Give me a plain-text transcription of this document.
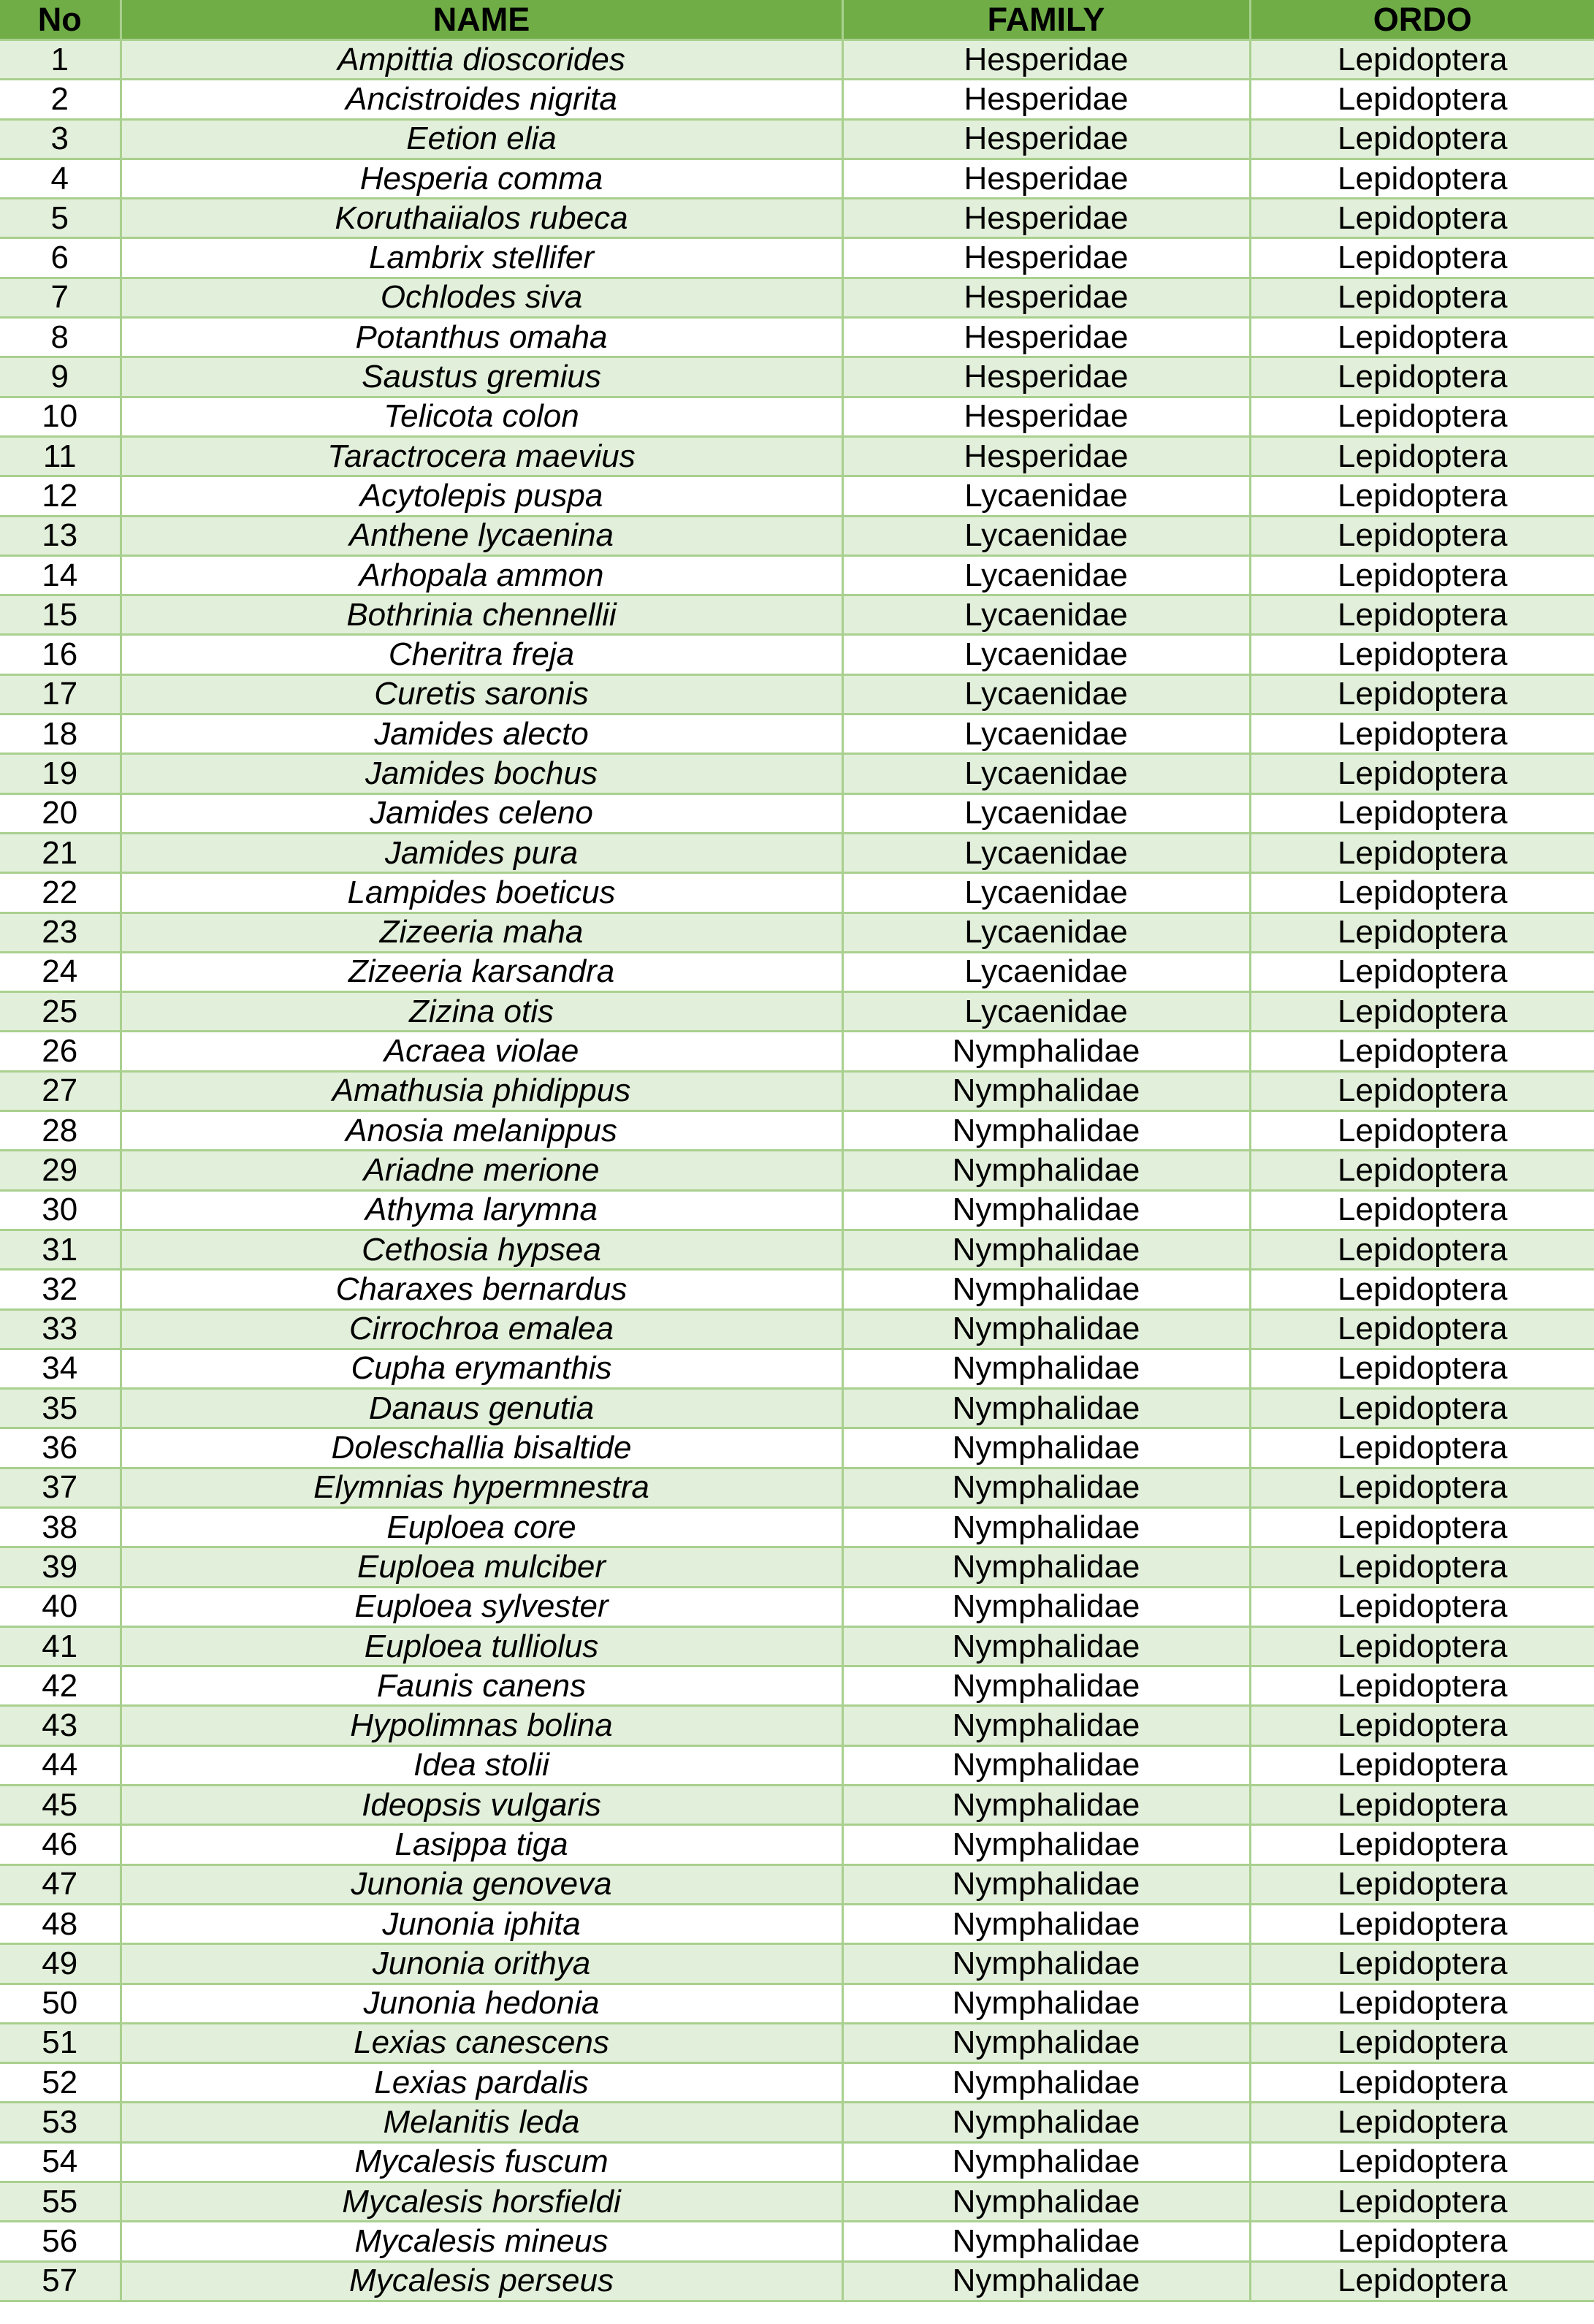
No	NAME	FAMILY	ORDO
1	Ampittia dioscorides	Hesperidae	Lepidoptera
2	Ancistroides nigrita	Hesperidae	Lepidoptera
3	Eetion elia	Hesperidae	Lepidoptera
4	Hesperia comma	Hesperidae	Lepidoptera
5	Koruthaiialos rubeca	Hesperidae	Lepidoptera
6	Lambrix stellifer	Hesperidae	Lepidoptera
7	Ochlodes siva	Hesperidae	Lepidoptera
8	Potanthus omaha	Hesperidae	Lepidoptera
9	Saustus gremius	Hesperidae	Lepidoptera
10	Telicota colon	Hesperidae	Lepidoptera
11	Taractrocera maevius	Hesperidae	Lepidoptera
12	Acytolepis puspa	Lycaenidae	Lepidoptera
13	Anthene lycaenina	Lycaenidae	Lepidoptera
14	Arhopala ammon	Lycaenidae	Lepidoptera
15	Bothrinia chennellii	Lycaenidae	Lepidoptera
16	Cheritra freja	Lycaenidae	Lepidoptera
17	Curetis saronis	Lycaenidae	Lepidoptera
18	Jamides alecto	Lycaenidae	Lepidoptera
19	Jamides bochus	Lycaenidae	Lepidoptera
20	Jamides celeno	Lycaenidae	Lepidoptera
21	Jamides pura	Lycaenidae	Lepidoptera
22	Lampides boeticus	Lycaenidae	Lepidoptera
23	Zizeeria maha	Lycaenidae	Lepidoptera
24	Zizeeria karsandra	Lycaenidae	Lepidoptera
25	Zizina otis	Lycaenidae	Lepidoptera
26	Acraea violae	Nymphalidae	Lepidoptera
27	Amathusia phidippus	Nymphalidae	Lepidoptera
28	Anosia melanippus	Nymphalidae	Lepidoptera
29	Ariadne merione	Nymphalidae	Lepidoptera
30	Athyma larymna	Nymphalidae	Lepidoptera
31	Cethosia hypsea	Nymphalidae	Lepidoptera
32	Charaxes bernardus	Nymphalidae	Lepidoptera
33	Cirrochroa emalea	Nymphalidae	Lepidoptera
34	Cupha erymanthis	Nymphalidae	Lepidoptera
35	Danaus genutia	Nymphalidae	Lepidoptera
36	Doleschallia bisaltide	Nymphalidae	Lepidoptera
37	Elymnias hypermnestra	Nymphalidae	Lepidoptera
38	Euploea core	Nymphalidae	Lepidoptera
39	Euploea mulciber	Nymphalidae	Lepidoptera
40	Euploea sylvester	Nymphalidae	Lepidoptera
41	Euploea tulliolus	Nymphalidae	Lepidoptera
42	Faunis canens	Nymphalidae	Lepidoptera
43	Hypolimnas bolina	Nymphalidae	Lepidoptera
44	Idea stolii	Nymphalidae	Lepidoptera
45	Ideopsis vulgaris	Nymphalidae	Lepidoptera
46	Lasippa tiga	Nymphalidae	Lepidoptera
47	Junonia genoveva	Nymphalidae	Lepidoptera
48	Junonia iphita	Nymphalidae	Lepidoptera
49	Junonia orithya	Nymphalidae	Lepidoptera
50	Junonia hedonia	Nymphalidae	Lepidoptera
51	Lexias canescens	Nymphalidae	Lepidoptera
52	Lexias pardalis	Nymphalidae	Lepidoptera
53	Melanitis leda	Nymphalidae	Lepidoptera
54	Mycalesis fuscum	Nymphalidae	Lepidoptera
55	Mycalesis horsfieldi	Nymphalidae	Lepidoptera
56	Mycalesis mineus	Nymphalidae	Lepidoptera
57	Mycalesis perseus	Nymphalidae	Lepidoptera
